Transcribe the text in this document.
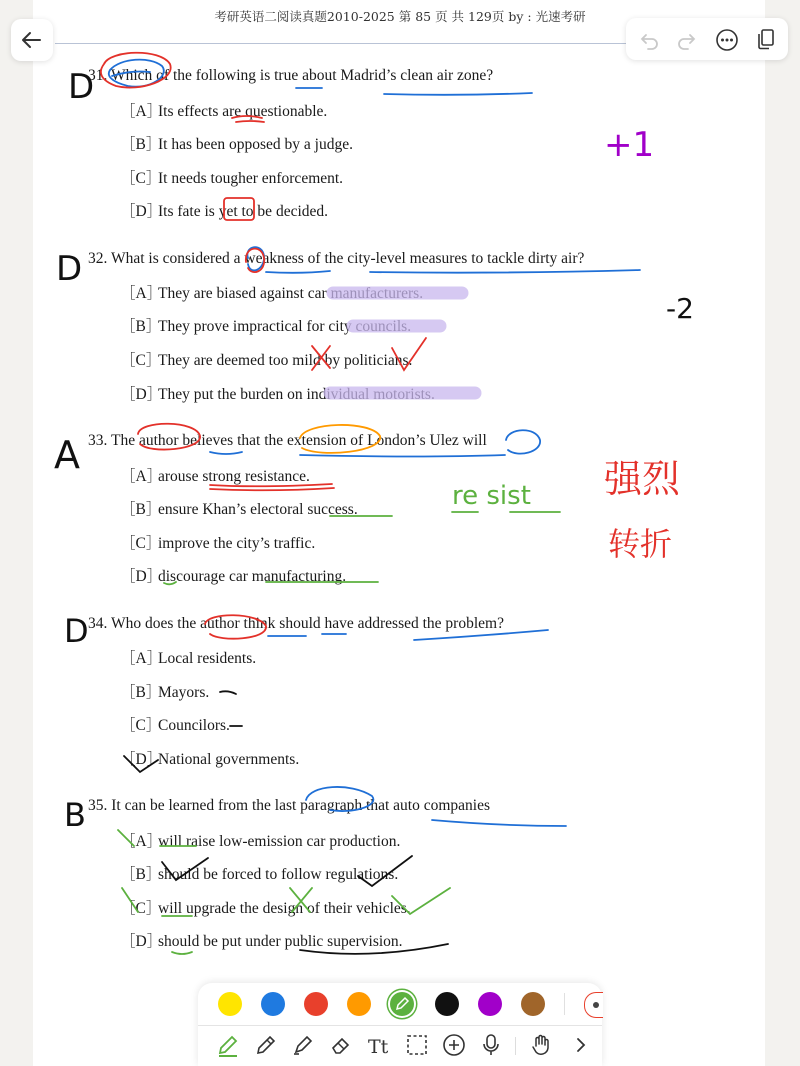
考研英语二阅读真题2010-2025 第 85 页 共 129页 by : 光速考研
31. Which of the following is true about Madrid’s clean air zone?
［A］Its effects are questionable.
［B］It has been opposed by a judge.
［C］It needs tougher enforcement.
［D］Its fate is yet to be decided.
32. What is considered a weakness of the city-level measures to tackle dirty air?
［A］They are biased against car manufacturers.
［B］They prove impractical for city councils.
［C］They are deemed too mild by politicians.
［D］They put the burden on individual motorists.
33. The author believes that the extension of London’s Ulez will
［A］arouse strong resistance.
［B］ensure Khan’s electoral success.
［C］improve the city’s traffic.
［D］discourage car manufacturing.
34. Who does the author think should have addressed the problem?
［A］Local residents.
［B］Mayors.
［C］Councilors.
［D］National governments.
35. It can be learned from the last paragraph that auto companies
［A］will raise low-emission car production.
［B］should be forced to follow regulations.
［C］will upgrade the design of their vehicles.
［D］should be put under public supervision.
强烈
转折
re sist
D
D
A
D
B
-2
+1
Tt
